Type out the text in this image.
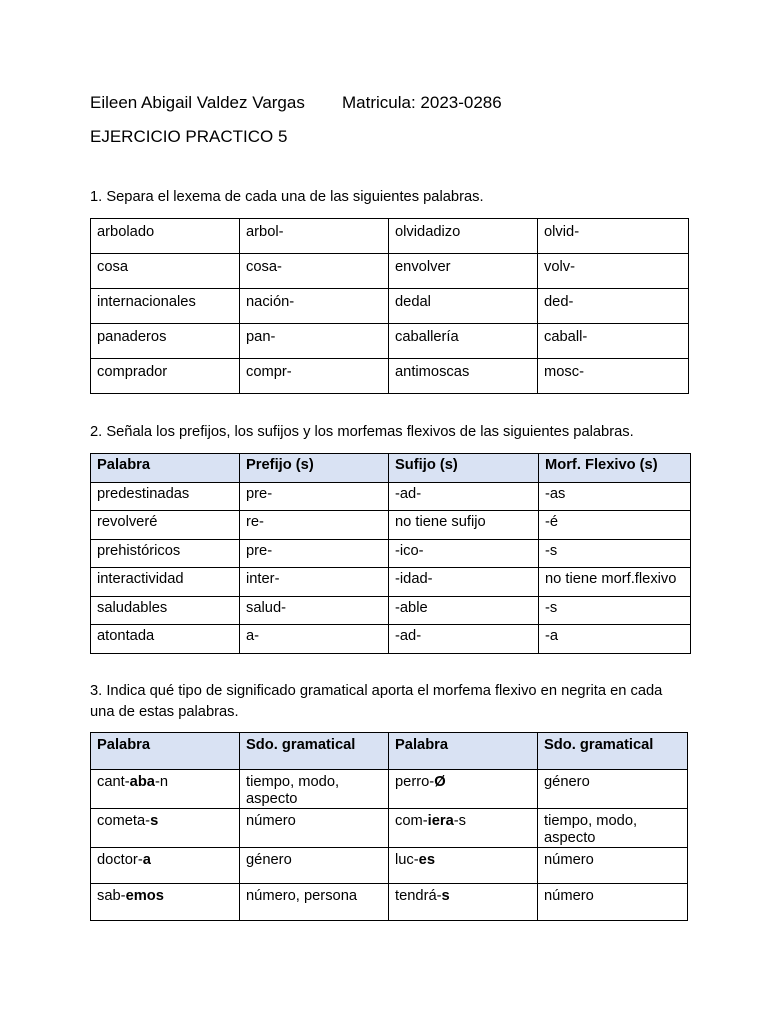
Eileen Abigail Valdez Vargas Matricula: 2023-0286
EJERCICIO PRACTICO 5
1. Separa el lexema de cada una de las siguientes palabras.
arbolado	arbol-	olvidadizo	olvid-
cosa	cosa-	envolver	volv-
internacionales	nación-	dedal	ded-
panaderos	pan-	caballería	caball-
comprador	compr-	antimoscas	mosc-
2. Señala los prefijos, los sufijos y los morfemas flexivos de las siguientes palabras.
Palabra	Prefijo (s)	Sufijo (s)	Morf. Flexivo (s)
predestinadas	pre-	-ad-	-as
revolveré	re-	no tiene sufijo	-é
prehistóricos	pre-	-ico-	-s
interactividad	inter-	-idad-	no tiene morf.flexivo
saludables	salud-	-able	-s
atontada	a-	-ad-	-a
3. Indica qué tipo de significado gramatical aporta el morfema flexivo en negrita en cada
una de estas palabras.
Palabra	Sdo. gramatical	Palabra	Sdo. gramatical
cant-aba-n	tiempo, modo, aspecto	perro-Ø	género
cometa-s	número	com-iera-s	tiempo, modo, aspecto
doctor-a	género	luc-es	número
sab-emos	número, persona	tendrá-s	número
